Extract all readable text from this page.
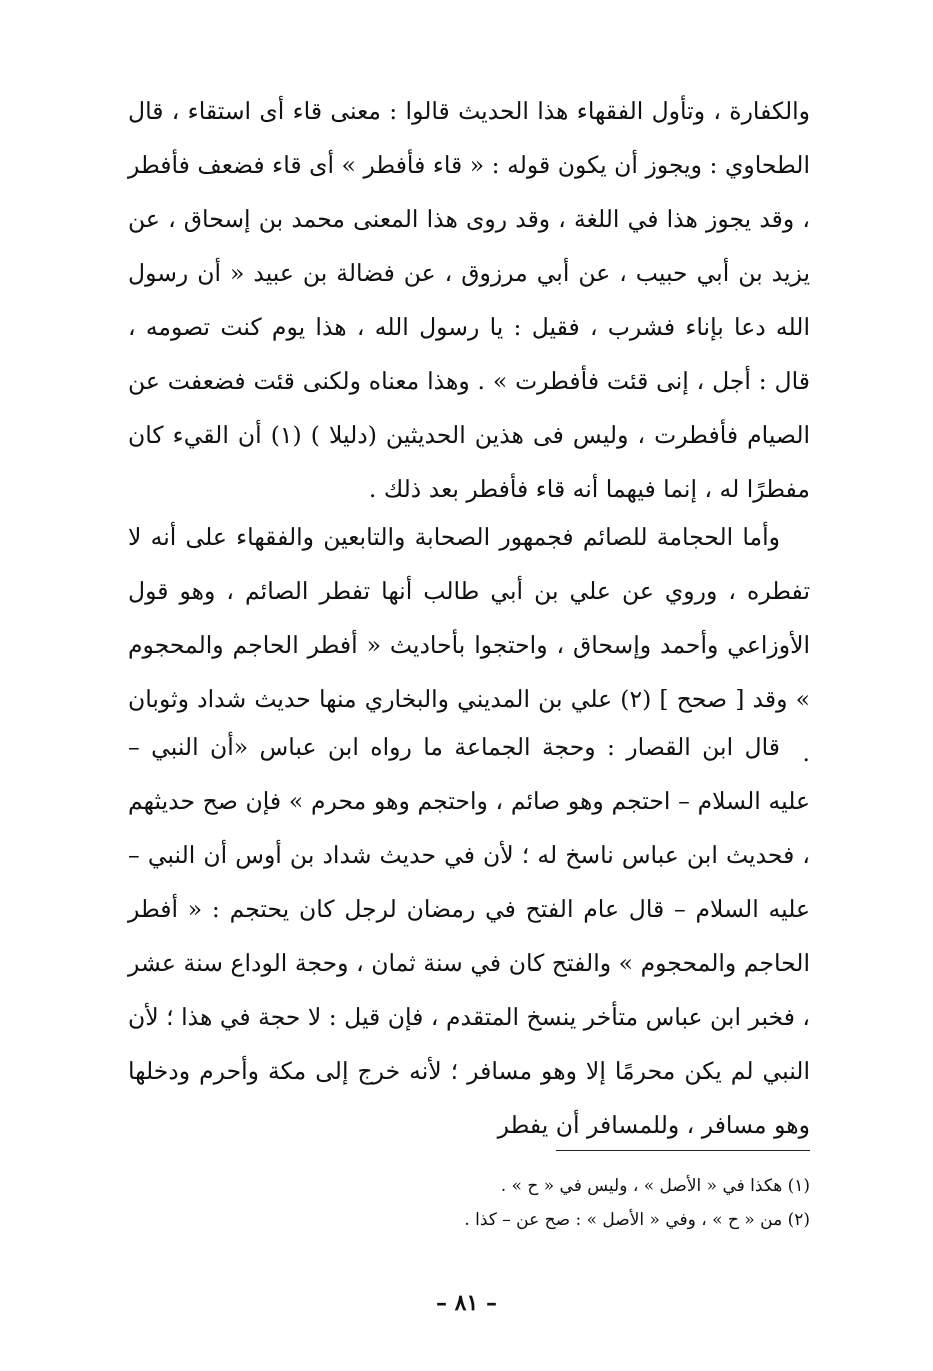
والكفارة ، وتأول الفقهاء هذا الحديث قالوا : معنى قاء أى استقاء ، قال الطحاوي : ويجوز أن يكون قوله : « قاء فأفطر » أى قاء فضعف فأفطر ، وقد يجوز هذا في اللغة ، وقد روى هذا المعنى محمد بن إسحاق ، عن يزيد بن أبي حبيب ، عن أبي مرزوق ، عن فضالة بن عبيد « أن رسول الله دعا بإناء فشرب ، فقيل : يا رسول الله ، هذا يوم كنت تصومه ، قال : أجل ، إنى قئت فأفطرت » . وهذا معناه ولكنى قئت فضعفت عن الصيام فأفطرت ، وليس فى هذين الحديثين (دليلا ) (١) أن القيء كان مفطرًا له ، إنما فيهما أنه قاء فأفطر بعد ذلك .

وأما الحجامة للصائم فجمهور الصحابة والتابعين والفقهاء على أنه لا تفطره ، وروي عن علي بن أبي طالب أنها تفطر الصائم ، وهو قول الأوزاعي وأحمد وإسحاق ، واحتجوا بأحاديث « أفطر الحاجم والمحجوم » وقد [ صحح ] (٢) علي بن المديني والبخاري منها حديث شداد وثوبان .

قال ابن القصار : وحجة الجماعة ما رواه ابن عباس «أن النبي – عليه السلام – احتجم وهو صائم ، واحتجم وهو محرم » فإن صح حديثهم ، فحديث ابن عباس ناسخ له ؛ لأن في حديث شداد بن أوس أن النبي – عليه السلام – قال عام الفتح في رمضان لرجل كان يحتجم : « أفطر الحاجم والمحجوم » والفتح كان في سنة ثمان ، وحجة الوداع سنة عشر ، فخبر ابن عباس متأخر ينسخ المتقدم ، فإن قيل : لا حجة في هذا ؛ لأن النبي لم يكن محرمًا إلا وهو مسافر ؛ لأنه خرج إلى مكة وأحرم ودخلها وهو مسافر ، وللمسافر أن يفطر

(١) هكذا في « الأصل » ، وليس في « ح » .

(٢) من « ح » ، وفي « الأصل » : صح عن – كذا .

– ٨١ –
